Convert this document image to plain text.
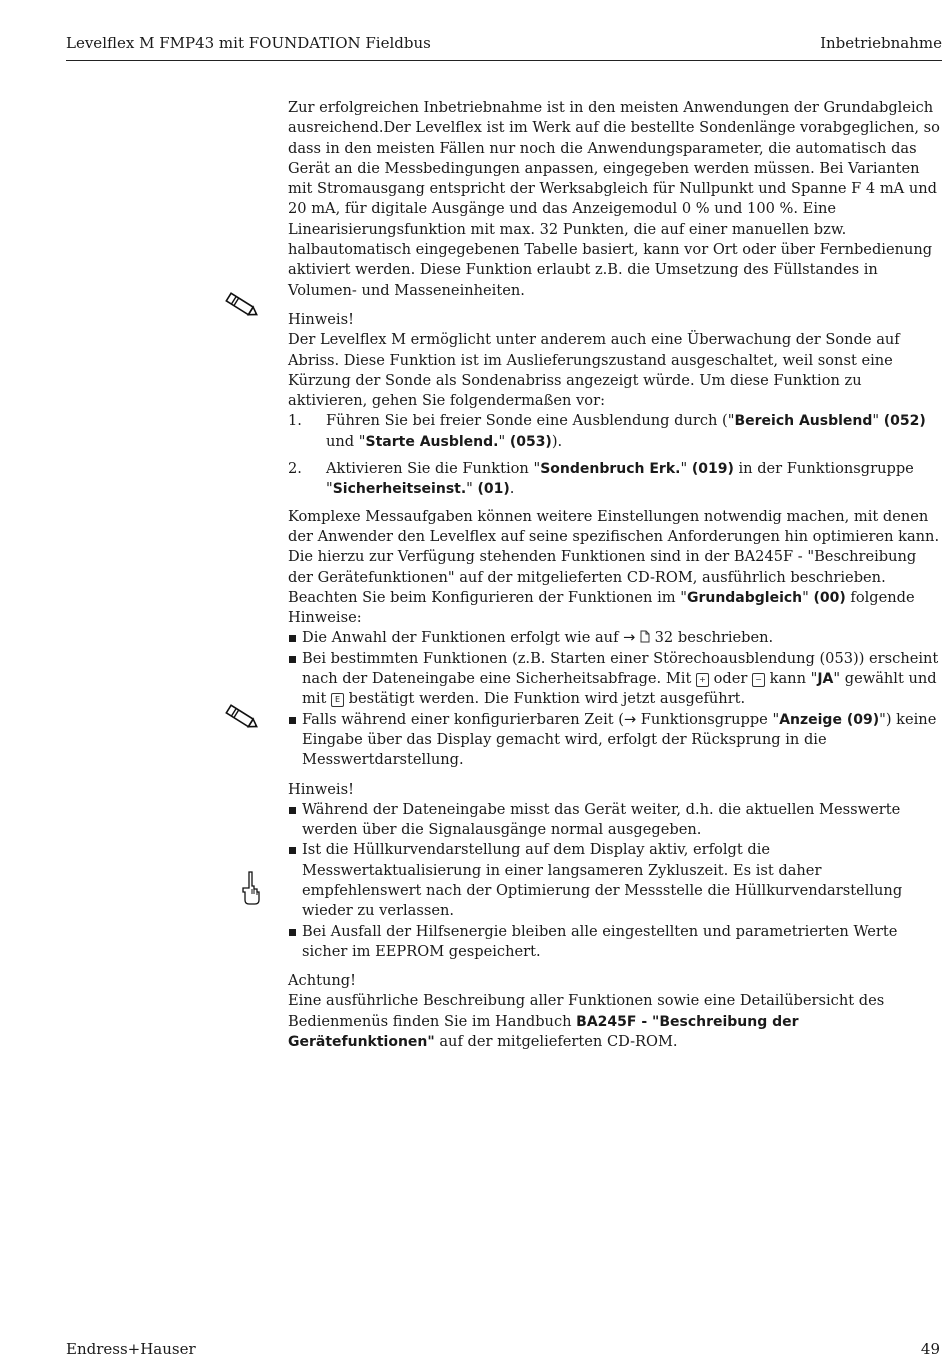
Levelflex M FMP43 mit FOUNDATION Fieldbus	Inbetriebnahme

Zur erfolgreichen Inbetriebnahme ist in den meisten Anwendungen der Grundabgleich ausreichend.Der Levelflex ist im Werk auf die bestellte Sondenlänge vorabgeglichen, so dass in den meisten Fällen nur noch die Anwendungsparameter, die automatisch das Gerät an die Messbedingungen anpassen, eingegeben werden müssen. Bei Varianten mit Stromausgang entspricht der Werksabgleich für Nullpunkt und Spanne F 4 mA und 20 mA, für digitale Ausgänge und das Anzeigemodul 0 % und 100 %. Eine Linearisierungsfunktion mit max. 32 Punkten, die auf einer manuellen bzw. halbautomatisch eingegebenen Tabelle basiert, kann vor Ort oder über Fernbedienung aktiviert werden. Diese Funktion erlaubt z.B. die Umsetzung des Füllstandes in Volumen- und Masseneinheiten.

Hinweis!

Der Levelflex M ermöglicht unter anderem auch eine Überwachung der Sonde auf Abriss. Diese Funktion ist im Auslieferungszustand ausgeschaltet, weil sonst eine Kürzung der Sonde als Sondenabriss angezeigt würde. Um diese Funktion zu aktivieren, gehen Sie folgendermaßen vor:

1. Führen Sie bei freier Sonde eine Ausblendung durch ("Bereich Ausblend" (052) und "Starte Ausblend." (053)).
2. Aktivieren Sie die Funktion "Sondenbruch Erk." (019) in der Funktionsgruppe "Sicherheitseinst." (01).

Komplexe Messaufgaben können weitere Einstellungen notwendig machen, mit denen der Anwender den Levelflex auf seine spezifischen Anforderungen hin optimieren kann. Die hierzu zur Verfügung stehenden Funktionen sind in der BA245F - "Beschreibung der Gerätefunktionen" auf der mitgelieferten CD-ROM, ausführlich beschrieben.

Beachten Sie beim Konfigurieren der Funktionen im "Grundabgleich" (00) folgende Hinweise:

Die Anwahl der Funktionen erfolgt wie auf → 32 beschrieben.
Bei bestimmten Funktionen (z.B. Starten einer Störechoausblendung (053)) erscheint nach der Dateneingabe eine Sicherheitsabfrage. Mit + oder − kann "JA" gewählt und mit E bestätigt werden. Die Funktion wird jetzt ausgeführt.
Falls während einer konfigurierbaren Zeit (→ Funktionsgruppe "Anzeige (09)") keine Eingabe über das Display gemacht wird, erfolgt der Rücksprung in die Messwertdarstellung.

Hinweis!

Während der Dateneingabe misst das Gerät weiter, d.h. die aktuellen Messwerte werden über die Signalausgänge normal ausgegeben.
Ist die Hüllkurvendarstellung auf dem Display aktiv, erfolgt die Messwertaktualisierung in einer langsameren Zykluszeit. Es ist daher empfehlenswert nach der Optimierung der Messstelle die Hüllkurvendarstellung wieder zu verlassen.
Bei Ausfall der Hilfsenergie bleiben alle eingestellten und parametrierten Werte sicher im EEPROM gespeichert.

Achtung!

Eine ausführliche Beschreibung aller Funktionen sowie eine Detailübersicht des Bedienmenüs finden Sie im Handbuch BA245F - "Beschreibung der Gerätefunktionen" auf der mitgelieferten CD-ROM.

Endress+Hauser	49
